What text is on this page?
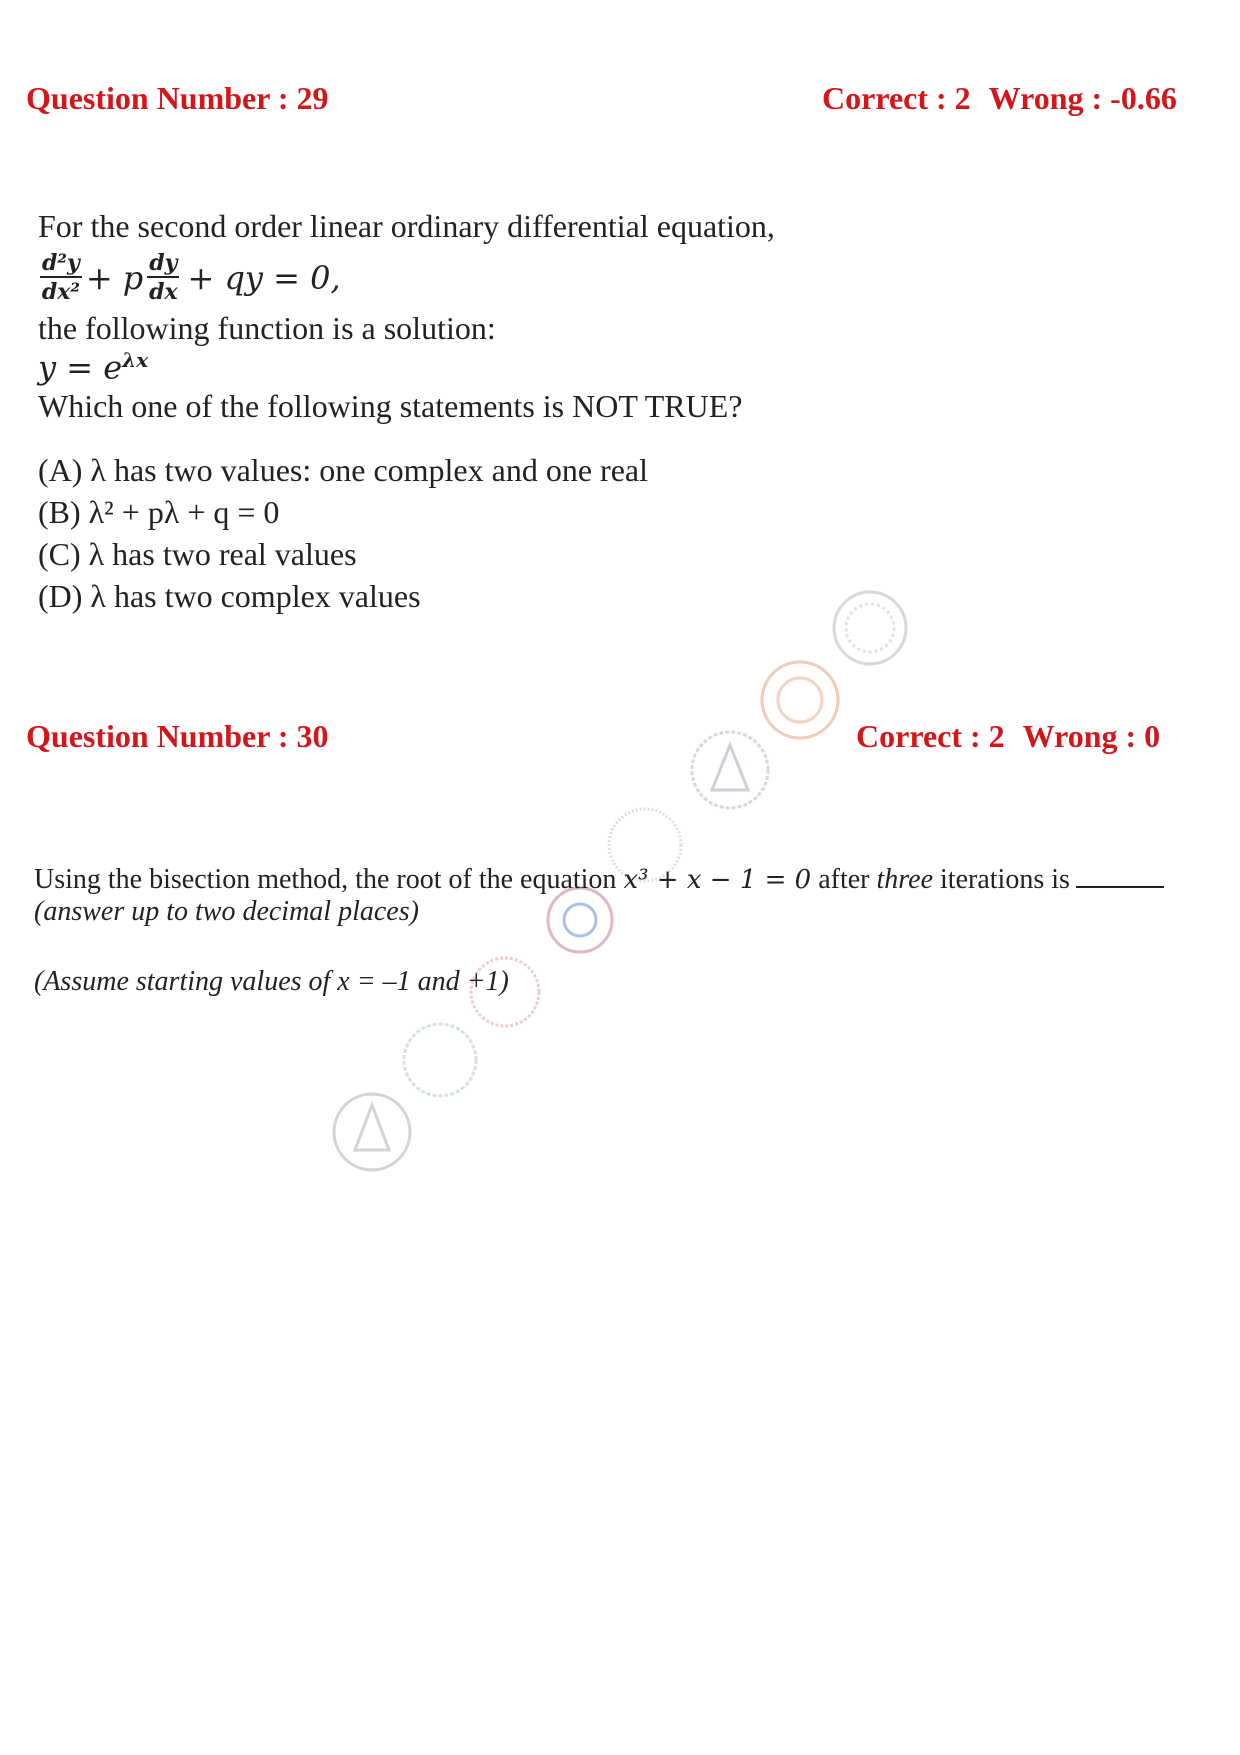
Question Number : 29	Correct : 2 Wrong : -0.66
For the second order linear ordinary differential equation,
$\frac{\text{d²y}}{\text{dx²}} + p \frac{dy}{dx}$ + qy = 0,
the following function is a solution:
$y = e^{\lambda x}$
Which one of the following statements is NOT TRUE?
(A) λ has two values: one complex and one real
(B) λ² + pλ + q = 0
(C) λ has two real values
(D) λ has two complex values
Question Number : 30	Correct : 2 Wrong : 0
Using the bisection method, the root of the equation x³ + x − 1 = 0 after three iterations is
(answer up to two decimal places)
(Assume starting values of x = –1 and +1)
